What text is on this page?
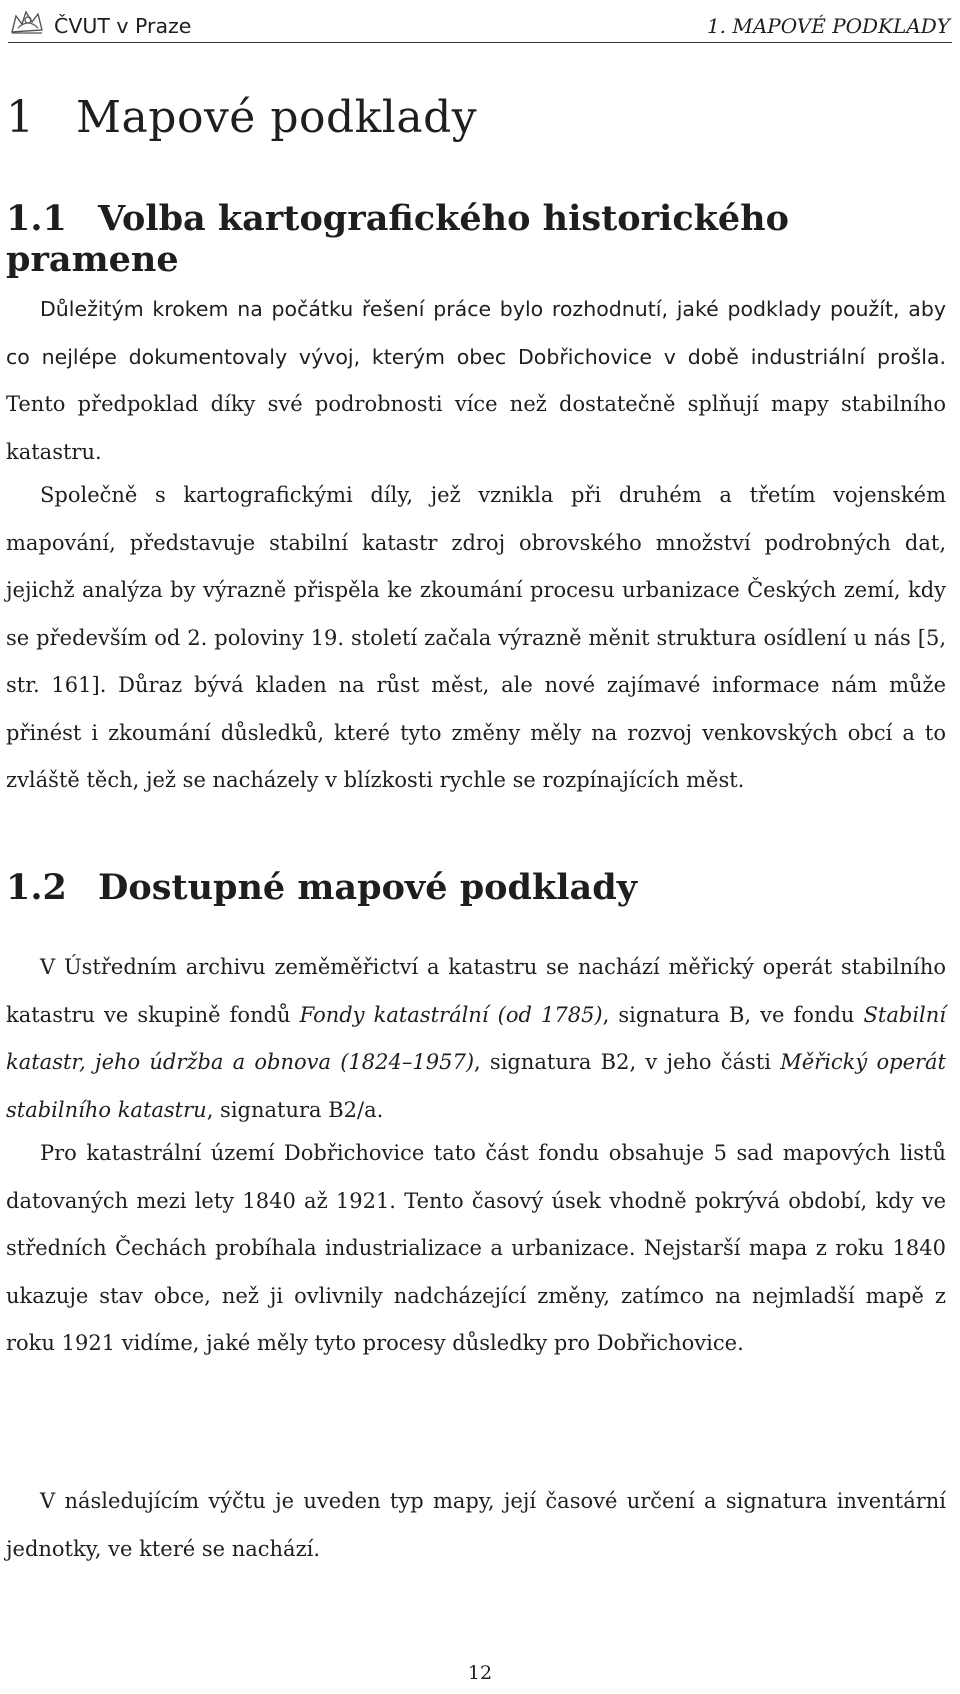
ČVUT v Praze	1. MAPOVÉ PODKLADY
1 Mapové podklady
1.1 Volba kartografického historického pramene

Důležitým krokem na počátku řešení práce bylo rozhodnutí, jaké podklady použít, aby co nejlépe dokumentovaly vývoj, kterým obec Dobřichovice v době industriální prošla. Tento předpoklad díky své podrobnosti více než dostatečně splňují mapy stabilního katastru.

Společně s kartografickými díly, jež vznikla při druhém a třetím vojenském mapování, představuje stabilní katastr zdroj obrovského množství podrobných dat, jejichž analýza by výrazně přispěla ke zkoumání procesu urbanizace Českých zemí, kdy se především od 2. poloviny 19. století začala výrazně měnit struktura osídlení u nás [5, str. 161]. Důraz bývá kladen na růst měst, ale nové zajímavé informace nám může přinést i zkoumání důsledků, které tyto změny měly na rozvoj venkovských obcí a to zvláště těch, jež se nacházely v blízkosti rychle se rozpínajících měst.

1.2 Dostupné mapové podklady

V Ústředním archivu zeměměřictví a katastru se nachází měřický operát stabilního katastru ve skupině fondů Fondy katastrální (od 1785), signatura B, ve fondu Stabilní katastr, jeho údržba a obnova (1824–1957), signatura B2, v jeho části Měřický operát stabilního katastru, signatura B2/a.

Pro katastrální území Dobřichovice tato část fondu obsahuje 5 sad mapových listů datovaných mezi lety 1840 až 1921. Tento časový úsek vhodně pokrývá období, kdy ve středních Čechách probíhala industrializace a urbanizace. Nejstarší mapa z roku 1840 ukazuje stav obce, než ji ovlivnily nadcházející změny, zatímco na nejmladší mapě z roku 1921 vidíme, jaké měly tyto procesy důsledky pro Dobřichovice.

V následujícím výčtu je uveden typ mapy, její časové určení a signatura inventární jednotky, ve které se nachází.

12
